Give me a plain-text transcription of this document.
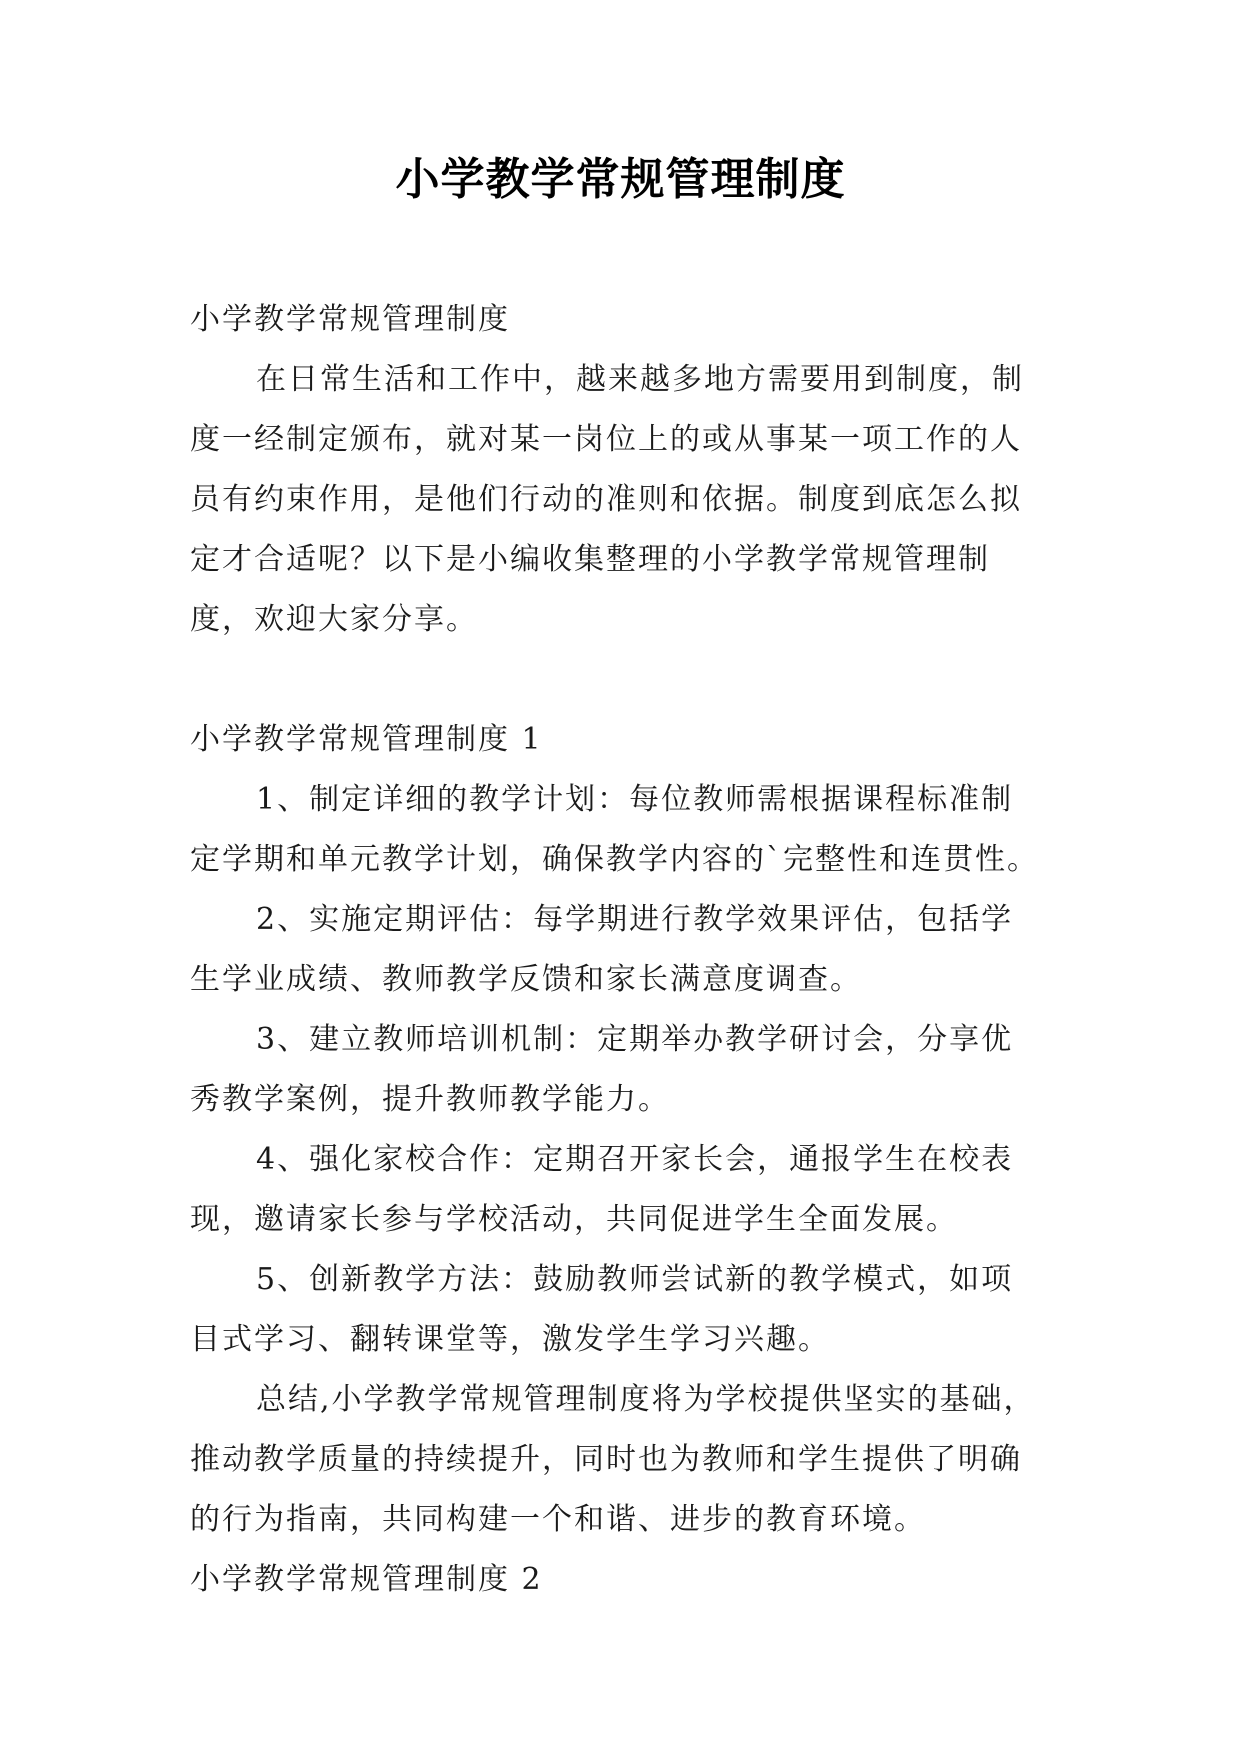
小学教学常规管理制度
小学教学常规管理制度
在日常生活和工作中，越来越多地方需要用到制度，制
度一经制定颁布，就对某一岗位上的或从事某一项工作的人
员有约束作用，是他们行动的准则和依据。制度到底怎么拟
定才合适呢？以下是小编收集整理的小学教学常规管理制
度，欢迎大家分享。
小学教学常规管理制度 1
1、制定详细的教学计划：每位教师需根据课程标准制
定学期和单元教学计划，确保教学内容的`完整性和连贯性。
2、实施定期评估：每学期进行教学效果评估，包括学
生学业成绩、教师教学反馈和家长满意度调查。
3、建立教师培训机制：定期举办教学研讨会，分享优
秀教学案例，提升教师教学能力。
4、强化家校合作：定期召开家长会，通报学生在校表
现，邀请家长参与学校活动，共同促进学生全面发展。
5、创新教学方法：鼓励教师尝试新的教学模式，如项
目式学习、翻转课堂等，激发学生学习兴趣。
总结,小学教学常规管理制度将为学校提供坚实的基础，
推动教学质量的持续提升，同时也为教师和学生提供了明确
的行为指南，共同构建一个和谐、进步的教育环境。
小学教学常规管理制度 2
